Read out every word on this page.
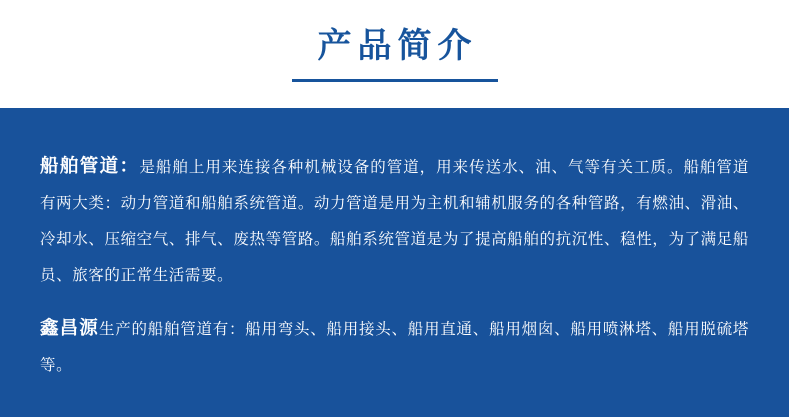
产品简介

船舶管道：是船舶上用来连接各种机械设备的管道，用来传送水、油、气等有关工质。船舶管道有两大类：动力管道和船舶系统管道。动力管道是用为主机和辅机服务的各种管路，有燃油、滑油、冷却水、压缩空气、排气、废热等管路。船舶系统管道是为了提高船舶的抗沉性、稳性，为了满足船员、旅客的正常生活需要。

鑫昌源生产的船舶管道有：船用弯头、船用接头、船用直通、船用烟囱、船用喷淋塔、船用脱硫塔等。
